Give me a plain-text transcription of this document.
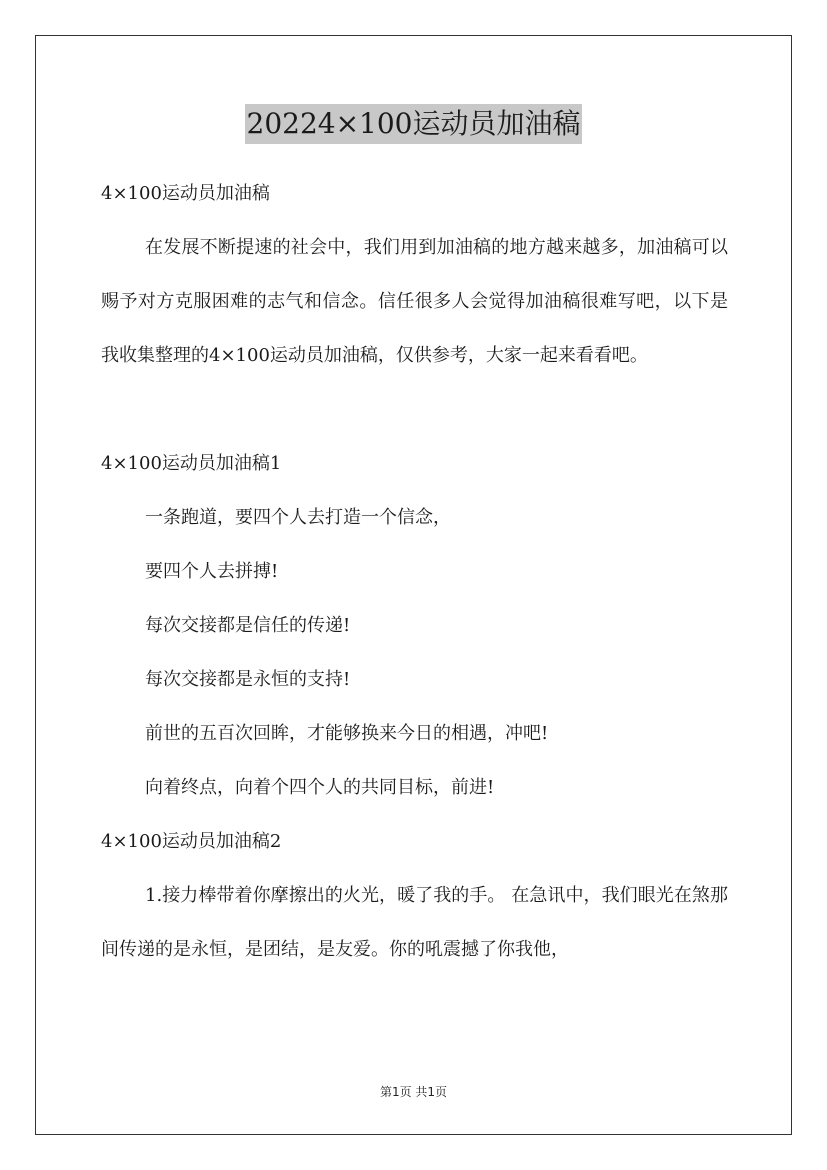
20224×100运动员加油稿

4×100运动员加油稿

在发展不断提速的社会中，我们用到加油稿的地方越来越多，加油稿可以赐予对方克服困难的志气和信念。信任很多人会觉得加油稿很难写吧，以下是我收集整理的4×100运动员加油稿，仅供参考，大家一起来看看吧。

4×100运动员加油稿1

一条跑道，要四个人去打造一个信念，

要四个人去拼搏!

每次交接都是信任的传递!

每次交接都是永恒的支持!

前世的五百次回眸，才能够换来今日的相遇，冲吧!

向着终点，向着个四个人的共同目标，前进!

4×100运动员加油稿2

1.接力棒带着你摩擦出的火光，暖了我的手。 在急讯中，我们眼光在煞那间传递的是永恒，是团结，是友爱。你的吼震撼了你我他，

第1页 共1页
